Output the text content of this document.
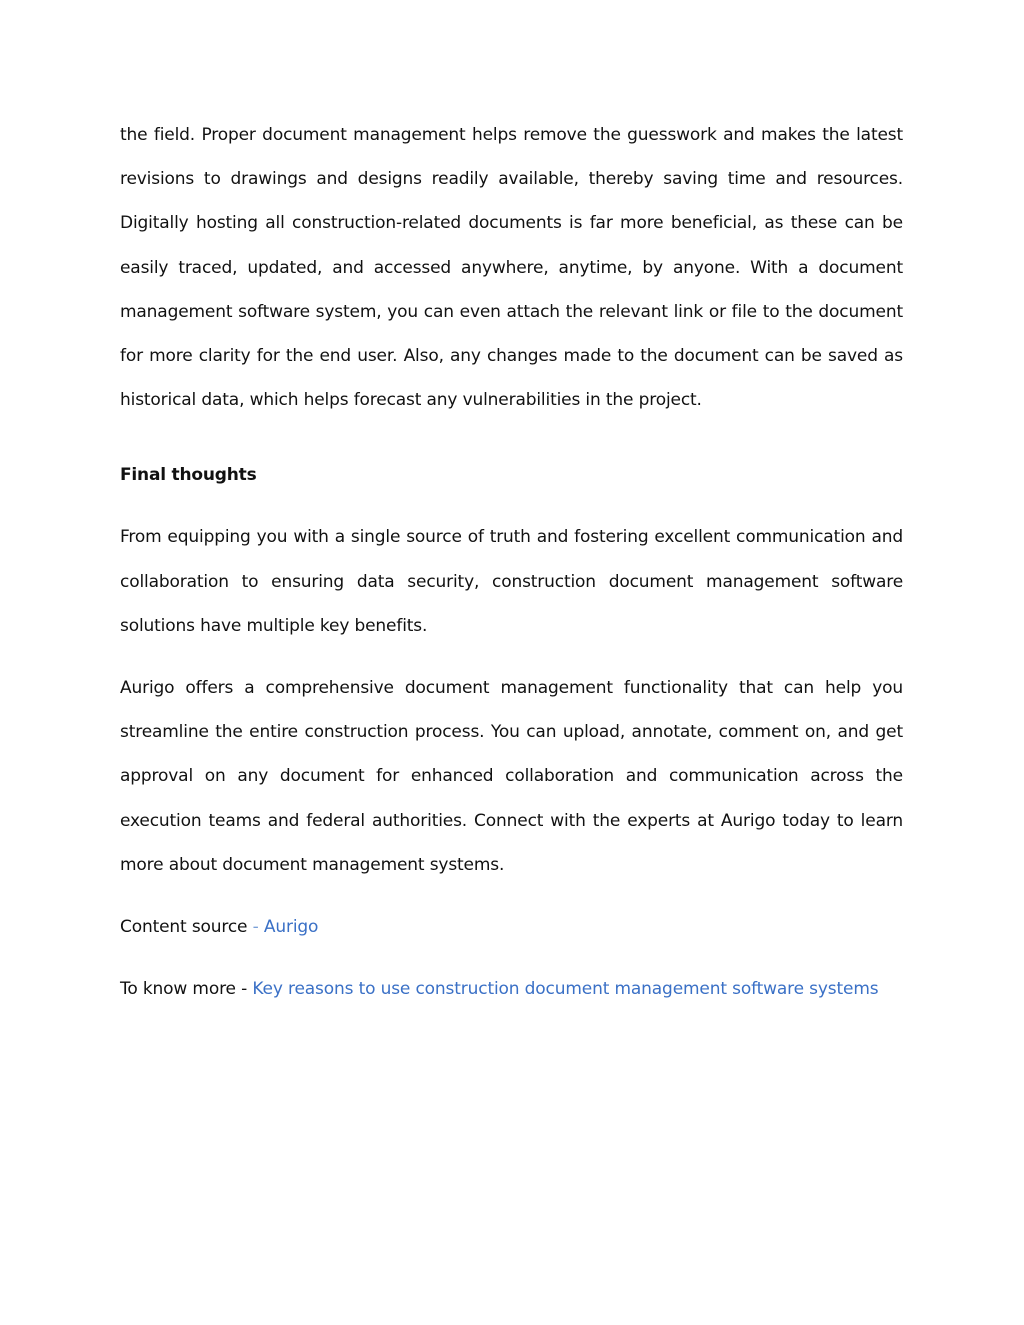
the field. Proper document management helps remove the guesswork and makes the latest revisions to drawings and designs readily available, thereby saving time and resources. Digitally hosting all construction-related documents is far more beneficial, as these can be easily traced, updated, and accessed anywhere, anytime, by anyone. With a document management software system, you can even attach the relevant link or file to the document for more clarity for the end user. Also, any changes made to the document can be saved as historical data, which helps forecast any vulnerabilities in the project.

Final thoughts

From equipping you with a single source of truth and fostering excellent communication and collaboration to ensuring data security, construction document management software solutions have multiple key benefits.

Aurigo offers a comprehensive document management functionality that can help you streamline the entire construction process. You can upload, annotate, comment on, and get approval on any document for enhanced collaboration and communication across the execution teams and federal authorities. Connect with the experts at Aurigo today to learn more about document management systems.

Content source - Aurigo

To know more - Key reasons to use construction document management software systems
